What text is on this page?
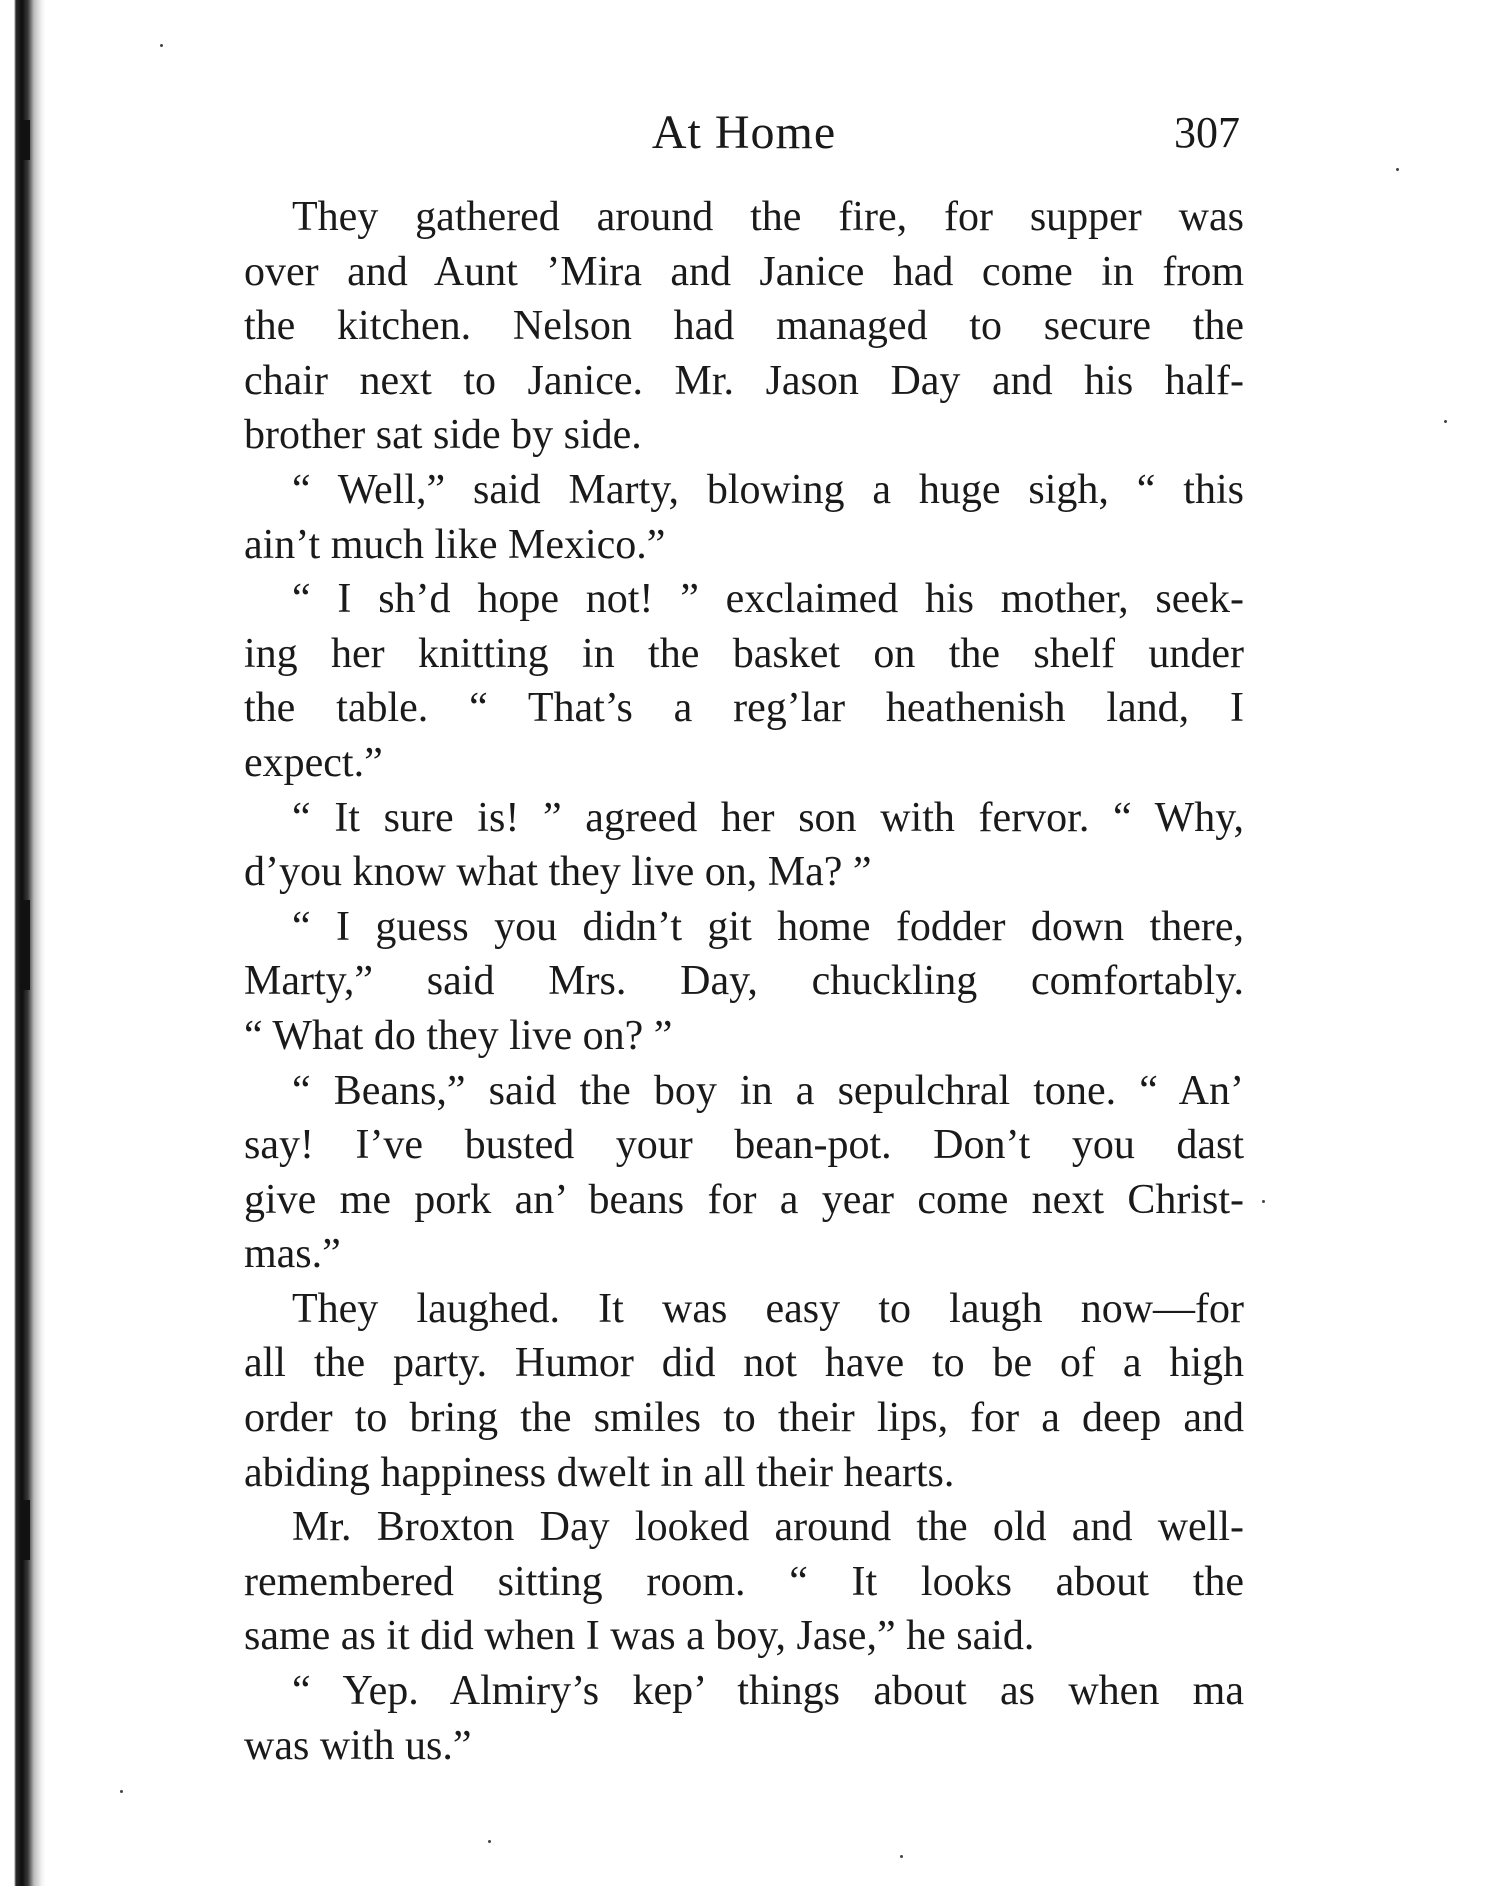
At Home	307
They gathered around the fire, for supper was
over and Aunt ’Mira and Janice had come in from
the kitchen. Nelson had managed to secure the
chair next to Janice. Mr. Jason Day and his half-
brother sat side by side.
“ Well,” said Marty, blowing a huge sigh, “ this
ain’t much like Mexico.”
“ I sh’d hope not! ” exclaimed his mother, seek-
ing her knitting in the basket on the shelf under
the table. “ That’s a reg’lar heathenish land, I
expect.”
“ It sure is! ” agreed her son with fervor. “ Why,
d’you know what they live on, Ma? ”
“ I guess you didn’t git home fodder down there,
Marty,” said Mrs. Day, chuckling comfortably.
“ What do they live on? ”
“ Beans,” said the boy in a sepulchral tone. “ An’
say! I’ve busted your bean-pot. Don’t you dast
give me pork an’ beans for a year come next Christ-
mas.”
They laughed. It was easy to laugh now—for
all the party. Humor did not have to be of a high
order to bring the smiles to their lips, for a deep and
abiding happiness dwelt in all their hearts.
Mr. Broxton Day looked around the old and well-
remembered sitting room. “ It looks about the
same as it did when I was a boy, Jase,” he said.
“ Yep. Almiry’s kep’ things about as when ma
was with us.”
